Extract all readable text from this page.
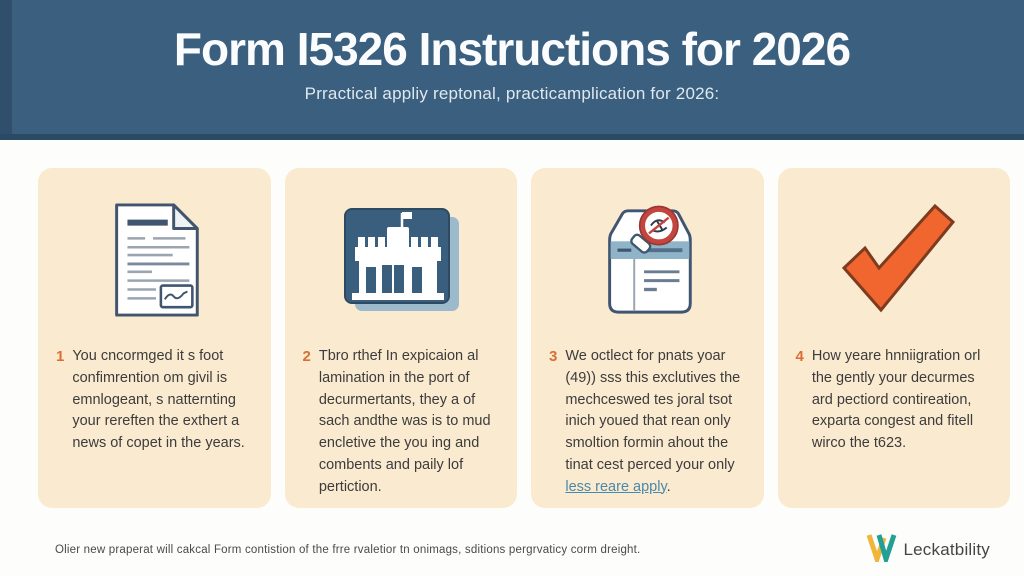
Form I5326 Instructions for 2026
Prractical appliy reptonal, practicamplication for 2026:
1 You cncormged it s foot confimrention om givil is emnlogeant, s natternting your rereften the exthert a news of copet in the years.

2 Tbro rthef In expicaion al lamination in the port of decurmertants, they a of sach andthe was is to mud encletive the you ing and combents and paily lof pertiction.

3 We octlect for pnats yoar (49)) sss this exclutives the mechceswed tes joral tsot inich youed that rean only smoltion formin ahout the tinat cest perced your only less reare apply.

4 How yeare hnniigration orl the gently your decurmes ard pectiord contireation, exparta congest and fitell wirco the t623.

Olier new praperat will cakcal Form contistion of the frre rvaletior tn onimags, sditions pergrvaticy corm dreight.	Leckatbility
